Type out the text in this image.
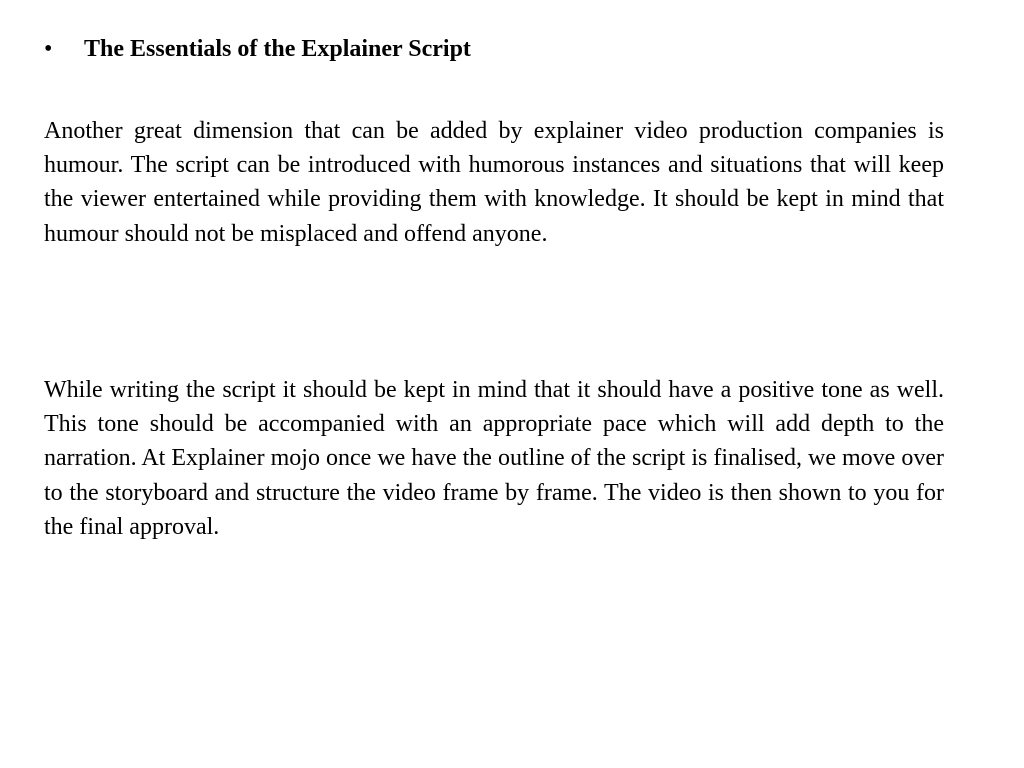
•	The Essentials of the Explainer Script

Another great dimension that can be added by explainer video production companies is humour. The script can be introduced with humorous instances and situations that will keep the viewer entertained while providing them with knowledge. It should be kept in mind that humour should not be misplaced and offend anyone.

While writing the script it should be kept in mind that it should have a positive tone as well. This tone should be accompanied with an appropriate pace which will add depth to the narration. At Explainer mojo once we have the outline of the script is finalised, we move over to the storyboard and structure the video frame by frame. The video is then shown to you for the final approval.
